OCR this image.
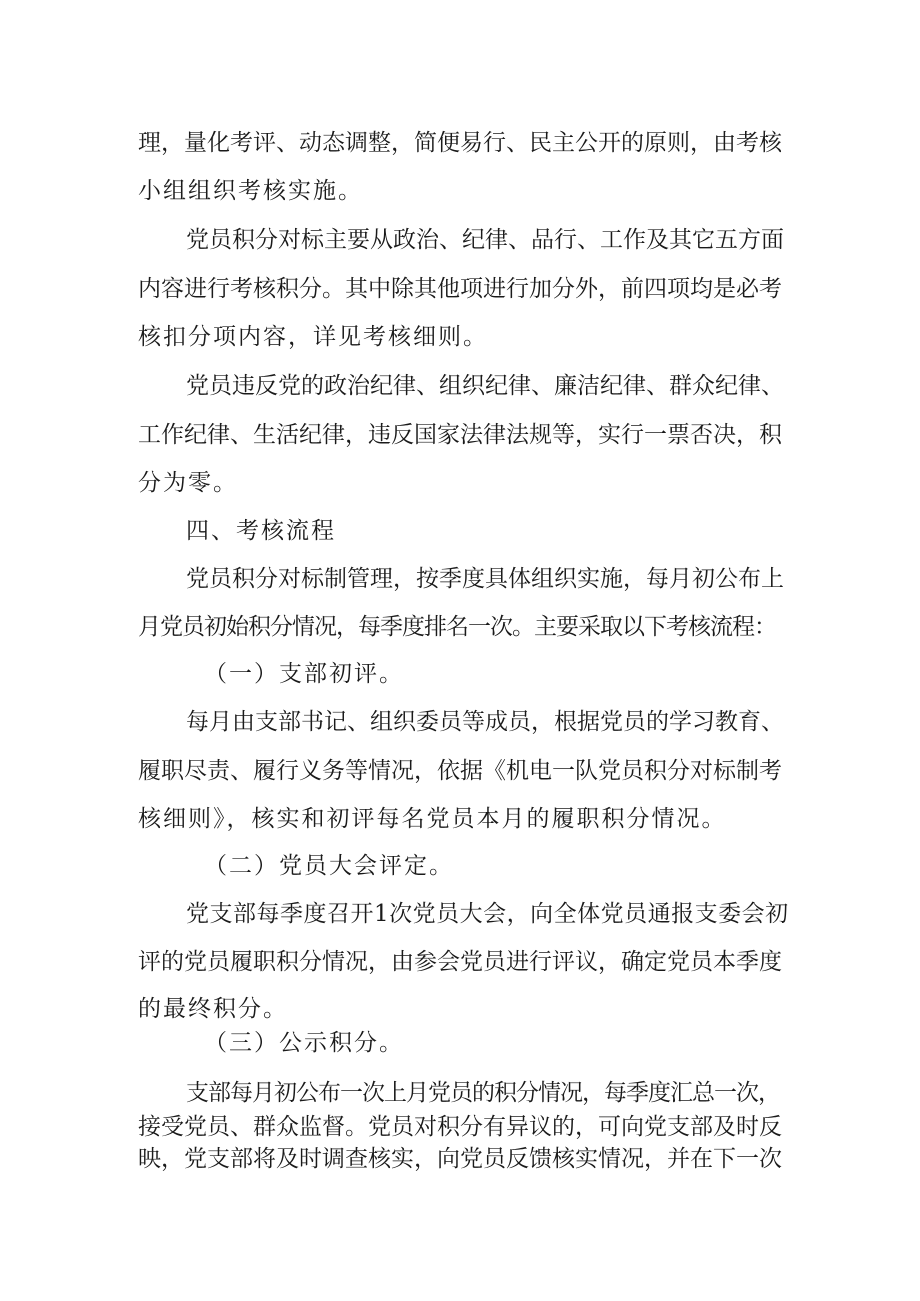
理，量化考评、动态调整，简便易行、民主公开的原则，由考核
小组组织考核实施。
党员积分对标主要从政治、纪律、品行、工作及其它五方面
内容进行考核积分。其中除其他项进行加分外，前四项均是必考
核扣分项内容，详见考核细则。
党员违反党的政治纪律、组织纪律、廉洁纪律、群众纪律、
工作纪律、生活纪律，违反国家法律法规等，实行一票否决，积
分为零。
四、考核流程
党员积分对标制管理，按季度具体组织实施，每月初公布上
月党员初始积分情况，每季度排名一次。主要采取以下考核流程：
（一）支部初评。
每月由支部书记、组织委员等成员，根据党员的学习教育、
履职尽责、履行义务等情况，依据《机电一队党员积分对标制考
核细则》，核实和初评每名党员本月的履职积分情况。
（二）党员大会评定。
党支部每季度召开1次党员大会，向全体党员通报支委会初
评的党员履职积分情况，由参会党员进行评议，确定党员本季度
的最终积分。
（三）公示积分。
支部每月初公布一次上月党员的积分情况，每季度汇总一次，
接受党员、群众监督。党员对积分有异议的，可向党支部及时反
映，党支部将及时调查核实，向党员反馈核实情况，并在下一次
